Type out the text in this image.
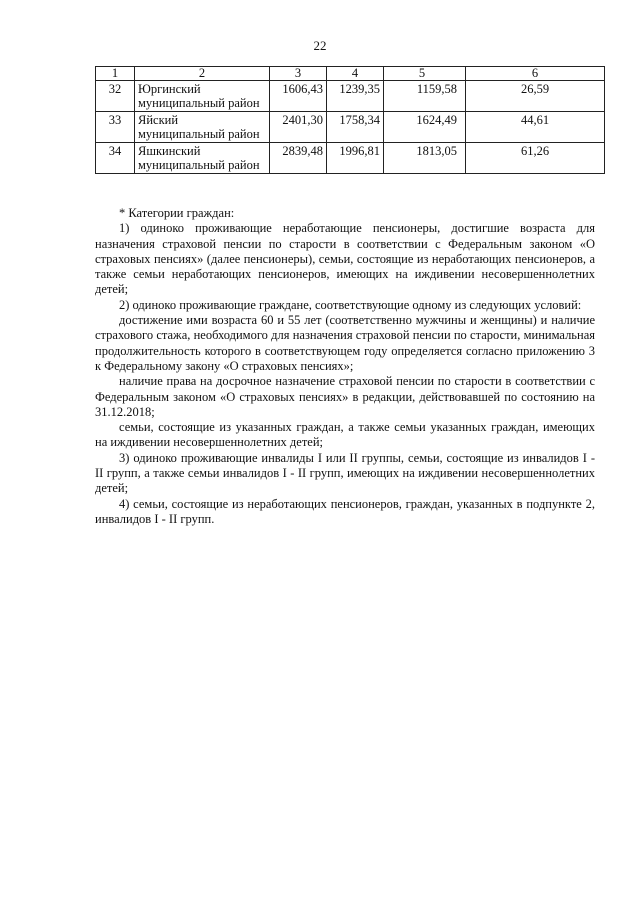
22
1	2	3	4	5	6
32	Юргинский муниципальный район	1606,43	1239,35	1159,58	26,59
33	Яйский муниципальный район	2401,30	1758,34	1624,49	44,61
34	Яшкинский муниципальный район	2839,48	1996,81	1813,05	61,26

* Категории граждан:

1) одиноко проживающие неработающие пенсионеры, достигшие возраста для назначения страховой пенсии по старости в соответствии с Федеральным законом «О страховых пенсиях» (далее пенсионеры), семьи, состоящие из неработающих пенсионеров, а также семьи неработающих пенсионеров, имеющих на иждивении несовершеннолетних детей;

2) одиноко проживающие граждане, соответствующие одному из следующих условий:

достижение ими возраста 60 и 55 лет (соответственно мужчины и женщины) и наличие страхового стажа, необходимого для назначения страховой пенсии по старости, минимальная продолжительность которого в соответствующем году определяется согласно приложению 3 к Федеральному закону «О страховых пенсиях»;

наличие права на досрочное назначение страховой пенсии по старости в соответствии с Федеральным законом «О страховых пенсиях» в редакции, действовавшей по состоянию на 31.12.2018;

семьи, состоящие из указанных граждан, а также семьи указанных граждан, имеющих на иждивении несовершеннолетних детей;

3) одиноко проживающие инвалиды I или II группы, семьи, состоящие из инвалидов I - II групп, а также семьи инвалидов I - II групп, имеющих на иждивении несовершеннолетних детей;

4) семьи, состоящие из неработающих пенсионеров, граждан, указанных в подпункте 2, инвалидов I - II групп.
